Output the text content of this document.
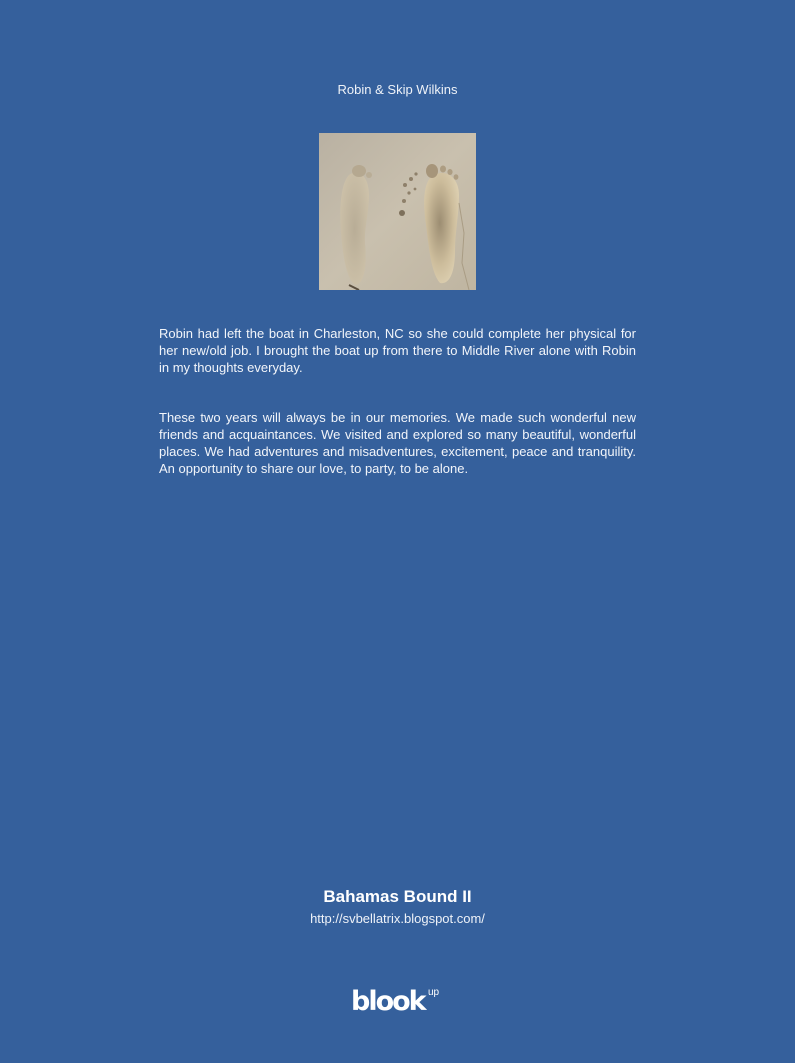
Robin & Skip Wilkins

Robin had left the boat in Charleston, NC so she could complete her physical for her new/old job. I brought the boat up from there to Middle River alone with Robin in my thoughts everyday.

These two years will always be in our memories. We made such wonderful new friends and acquaintances. We visited and explored so many beautiful, wonderful places. We had adventures and misadventures, excitement, peace and tranquility. An opportunity to share our love, to party, to be alone.

Bahamas Bound II
http://svbellatrix.blogspot.com/
blook up
